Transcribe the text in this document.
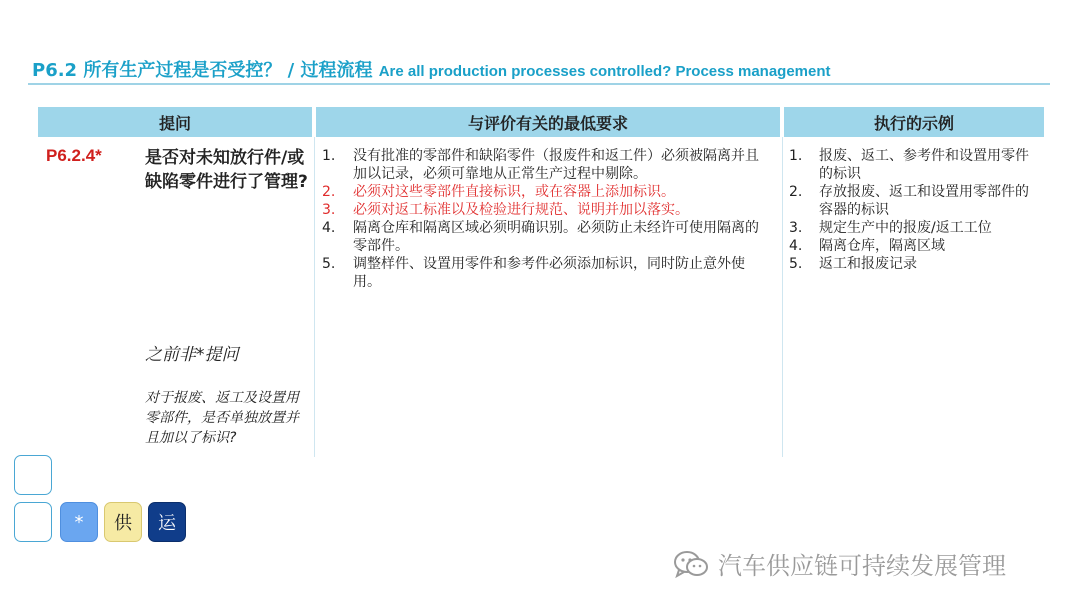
P6.2 所有生产过程是否受控？ / 过程流程 Are all production processes controlled? Process management
提问	与评价有关的最低要求	执行的示例
P6.2.4*	是否对未知放行件/或缺陷零件进行了管理?
之前非*提问
对于报废、返工及设置用零部件，是否单独放置并且加以了标识?
1.	没有批准的零部件和缺陷零件（报废件和返工件）必须被隔离并且加以记录，必须可靠地从正常生产过程中剔除。
2.	必须对这些零部件直接标识，或在容器上添加标识。
3.	必须对返工标准以及检验进行规范、说明并加以落实。
4.	隔离仓库和隔离区域必须明确识别。必须防止未经许可使用隔离的零部件。
5.	调整样件、设置用零件和参考件必须添加标识，同时防止意外使用。
1.	报废、返工、参考件和设置用零件的标识
2.	存放报废、返工和设置用零部件的容器的标识
3.	规定生产中的报废/返工工位
4.	隔离仓库，隔离区域
5.	返工和报废记录
*	供	运
汽车供应链可持续发展管理
